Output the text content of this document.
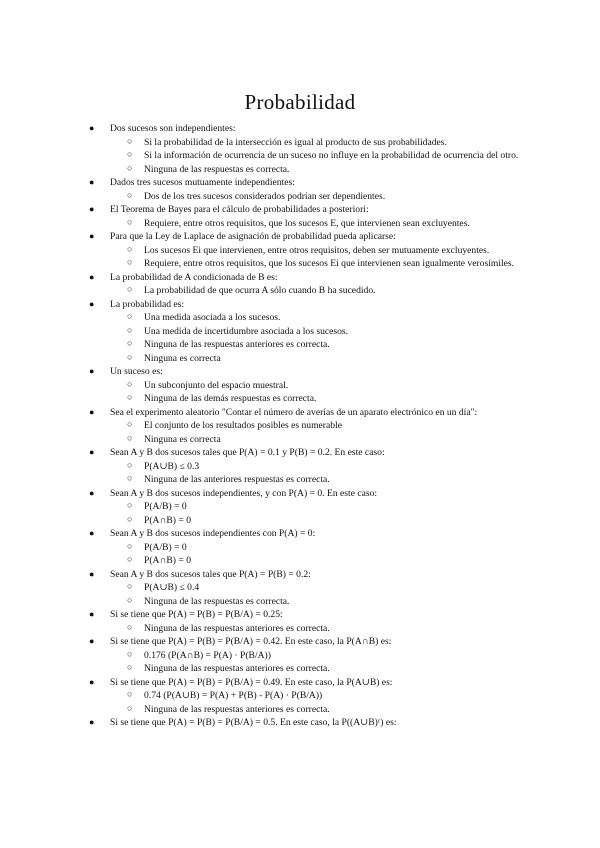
Probabilidad
● Dos sucesos son independientes:
○ Si la probabilidad de la intersección es igual al producto de sus probabilidades.
○ Si la información de ocurrencia de un suceso no influye en la probabilidad de ocurrencia del otro.
○ Ninguna de las respuestas es correcta.
● Dados tres sucesos mutuamente independientes:
○ Dos de los tres sucesos considerados podrían ser dependientes.
● El Teorema de Bayes para el cálculo de probabilidades a posteriori:
○ Requiere, entre otros requisitos, que los sucesos E, que intervienen sean excluyentes.
● Para que la Ley de Laplace de asignación de probabilidad pueda aplicarse:
○ Los sucesos Ei que intervienen, entre otros requisitos, deben ser mutuamente excluyentes.
○ Requiere, entre otros requisitos, que los sucesos Ei que intervienen sean igualmente verosímiles.
● La probabilidad de A condicionada de B es:
○ La probabilidad de que ocurra A sólo cuando B ha sucedido.
● La probabilidad es:
○ Una medida asociada a los sucesos.
○ Una medida de incertidumbre asociada a los sucesos.
○ Ninguna de las respuestas anteriores es correcta.
○ Ninguna es correcta
● Un suceso es:
○ Un subconjunto del espacio muestral.
○ Ninguna de las demás respuestas es correcta.
● Sea el experimento aleatorio "Contar el número de averías de un aparato electrónico en un día":
○ El conjunto de los resultados posibles es numerable
○ Ninguna es correcta
● Sean A y B dos sucesos tales que P(A) = 0.1 y P(B) = 0.2. En este caso:
○ P(A∪B) ≤ 0.3
○ Ninguna de las anteriores respuestas es correcta.
● Sean A y B dos sucesos independientes, y con P(A) = 0. En este caso:
○ P(A/B) = 0
○ P(A∩B) = 0
● Sean A y B dos sucesos independientes con P(A) = 0:
○ P(A/B) = 0
○ P(A∩B) = 0
● Sean A y B dos sucesos tales que P(A) = P(B) = 0.2:
○ P(A∪B) ≤ 0.4
○ Ninguna de las respuestas es correcta.
● Si se tiene que P(A) = P(B) = P(B/A) = 0.25:
○ Ninguna de las respuestas anteriores es correcta.
● Si se tiene que P(A) = P(B) = P(B/A) = 0.42. En este caso, la P(A∩B) es:
○ 0.176 (P(A∩B) = P(A) · P(B/A))
○ Ninguna de las respuestas anteriores es correcta.
● Si se tiene que P(A) = P(B) = P(B/A) = 0.49. En este caso, la P(A∪B) es:
○ 0.74 (P(A∪B) = P(A) + P(B) - P(A) · P(B/A))
○ Ninguna de las respuestas anteriores es correcta.
● Si se tiene que P(A) = P(B) = P(B/A) = 0.5. En este caso, la P((A∪B)ᶜ) es:
